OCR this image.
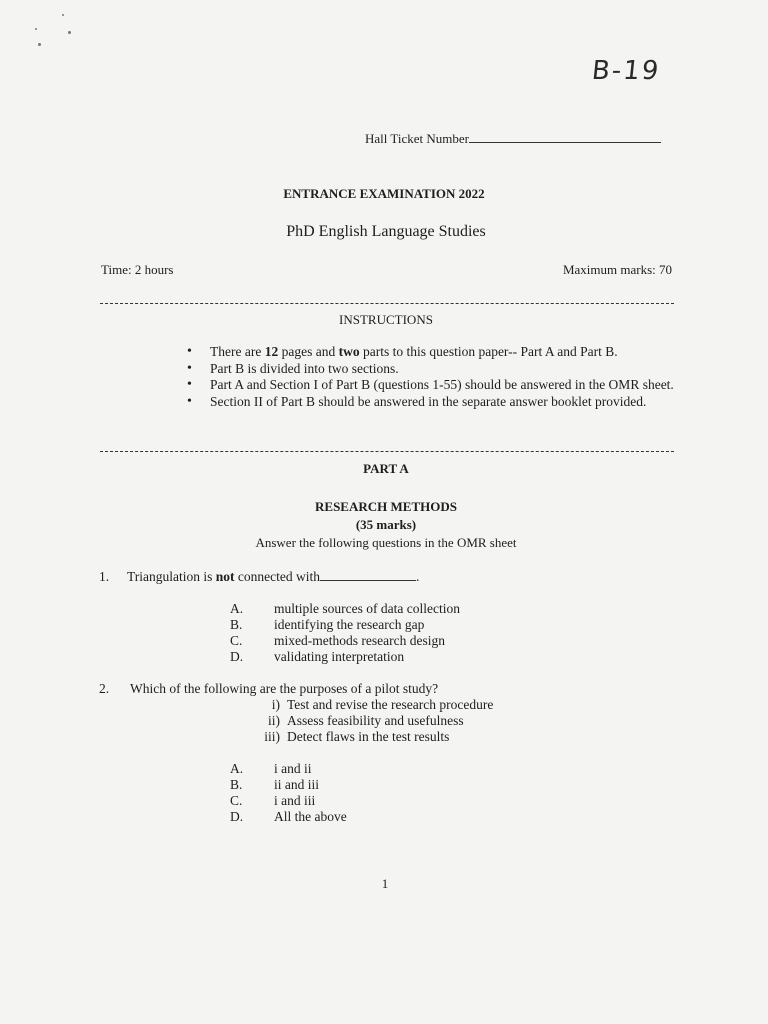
B-19
Hall Ticket Number
ENTRANCE EXAMINATION 2022
PhD English Language Studies
Time: 2 hours	Maximum marks: 70
INSTRUCTIONS
• There are 12 pages and two parts to this question paper-- Part A and Part B.
• Part B is divided into two sections.
• Part A and Section I of Part B (questions 1-55) should be answered in the OMR sheet.
• Section II of Part B should be answered in the separate answer booklet provided.
PART A
RESEARCH METHODS
(35 marks)
Answer the following questions in the OMR sheet
1. Triangulation is not connected with	.
A. multiple sources of data collection
B. identifying the research gap
C. mixed-methods research design
D. validating interpretation
2. Which of the following are the purposes of a pilot study?
i) Test and revise the research procedure
ii) Assess feasibility and usefulness
iii) Detect flaws in the test results
A. i and ii
B. ii and iii
C. i and iii
D. All the above
1
